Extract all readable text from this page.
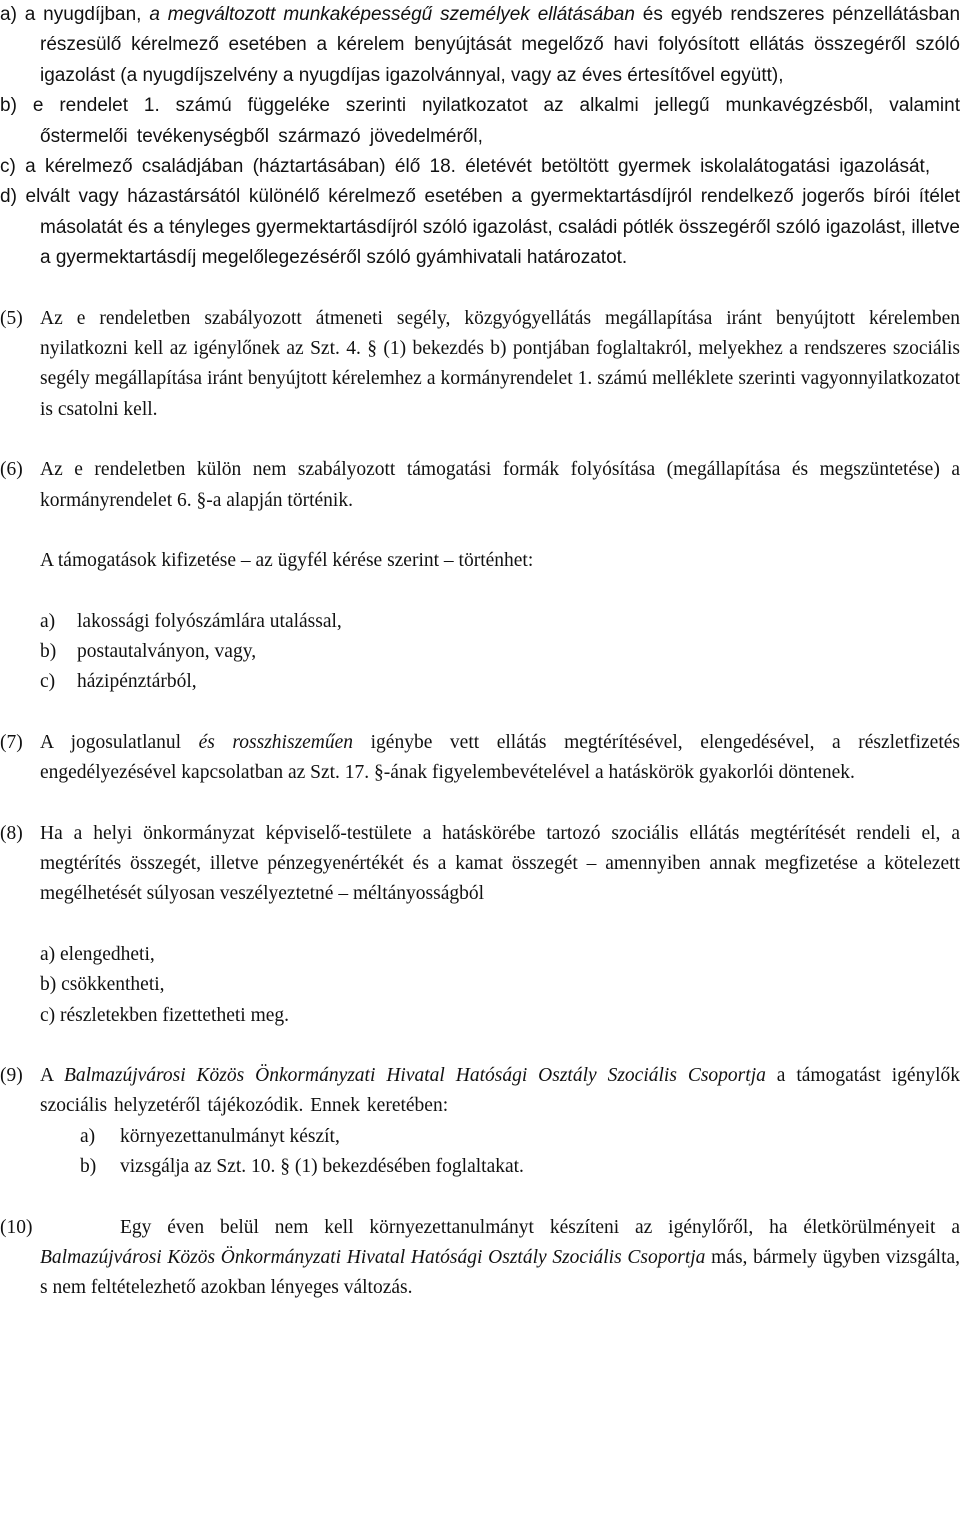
a) a nyugdíjban, a megváltozott munkaképességű személyek ellátásában és egyéb rendszeres pénzellátásban részesülő kérelmező esetében a kérelem benyújtását megelőző havi folyósított ellátás összegéről szóló igazolást (a nyugdíjszelvény a nyugdíjas igazolvánnyal, vagy az éves értesítővel együtt),

b) e rendelet 1. számú függeléke szerinti nyilatkozatot az alkalmi jellegű munkavégzésből, valamint őstermelői tevékenységből származó jövedelméről,

c) a kérelmező családjában (háztartásában) élő 18. életévét betöltött gyermek iskolalátogatási igazolását,

d) elvált vagy házastársától különélő kérelmező esetében a gyermektartásdíjról rendelkező jogerős bírói ítélet másolatát és a tényleges gyermektartásdíjról szóló igazolást, családi pótlék összegéről szóló igazolást, illetve a gyermektartásdíj megelőlegezéséről szóló gyámhivatali határozatot.

(5) Az e rendeletben szabályozott átmeneti segély, közgyógyellátás megállapítása iránt benyújtott kérelemben nyilatkozni kell az igénylőnek az Szt. 4. § (1) bekezdés b) pontjában foglaltakról, melyekhez a rendszeres szociális segély megállapítása iránt benyújtott kérelemhez a kormányrendelet 1. számú melléklete szerinti vagyonnyilatkozatot is csatolni kell.

(6) Az e rendeletben külön nem szabályozott támogatási formák folyósítása (megállapítása és megszüntetése) a kormányrendelet 6. §-a alapján történik.

A támogatások kifizetése – az ügyfél kérése szerint – történhet:

a) lakossági folyószámlára utalással,
b) postautalványon, vagy,
c) házipénztárból,
(7) A jogosulatlanul és rosszhiszeműen igénybe vett ellátás megtérítésével, elengedésével, a részletfizetés engedélyezésével kapcsolatban az Szt. 17. §-ának figyelembevételével a hatáskörök gyakorlói döntenek.

(8) Ha a helyi önkormányzat képviselő-testülete a hatáskörébe tartozó szociális ellátás megtérítését rendeli el, a megtérítés összegét, illetve pénzegyenértékét és a kamat összegét – amennyiben annak megfizetése a kötelezett megélhetését súlyosan veszélyeztetné – méltányosságból

a) elengedheti,
b) csökkentheti,
c) részletekben fizettetheti meg.
(9) A Balmazújvárosi Közös Önkormányzati Hivatal Hatósági Osztály Szociális Csoportja a támogatást igénylők szociális helyzetéről tájékozódik. Ennek keretében:

a) környezettanulmányt készít,
b) vizsgálja az Szt. 10. § (1) bekezdésében foglaltakat.
(10)	Egy éven belül nem kell környezettanulmányt készíteni az igénylőről, ha életkörülményeit a Balmazújvárosi Közös Önkormányzati Hivatal Hatósági Osztály Szociális Csoportja más, bármely ügyben vizsgálta, s nem feltételezhető azokban lényeges változás.
